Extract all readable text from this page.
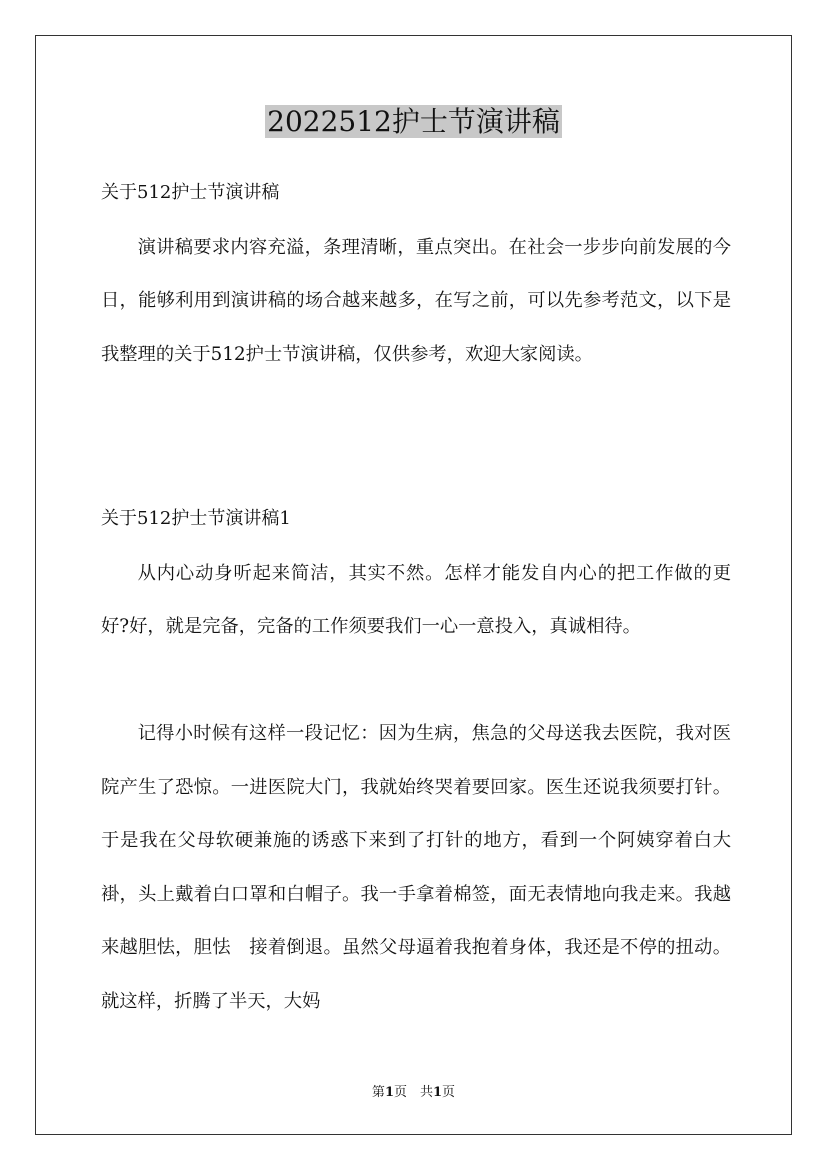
2022512护士节演讲稿

关于512护士节演讲稿

演讲稿要求内容充溢，条理清晰，重点突出。在社会一步步向前发展的今日，能够利用到演讲稿的场合越来越多，在写之前，可以先参考范文，以下是我整理的关于512护士节演讲稿，仅供参考，欢迎大家阅读。

关于512护士节演讲稿1

从内心动身听起来简洁，其实不然。怎样才能发自内心的把工作做的更好?好，就是完备，完备的工作须要我们一心一意投入，真诚相待。

记得小时候有这样一段记忆：因为生病，焦急的父母送我去医院，我对医院产生了恐惊。一进医院大门，我就始终哭着要回家。医生还说我须要打针。于是我在父母软硬兼施的诱惑下来到了打针的地方，看到一个阿姨穿着白大褂，头上戴着白口罩和白帽子。我一手拿着棉签，面无表情地向我走来。我越来越胆怯，胆怯　接着倒退。虽然父母逼着我抱着身体，我还是不停的扭动。就这样，折腾了半天，大妈

第1页　共1页
